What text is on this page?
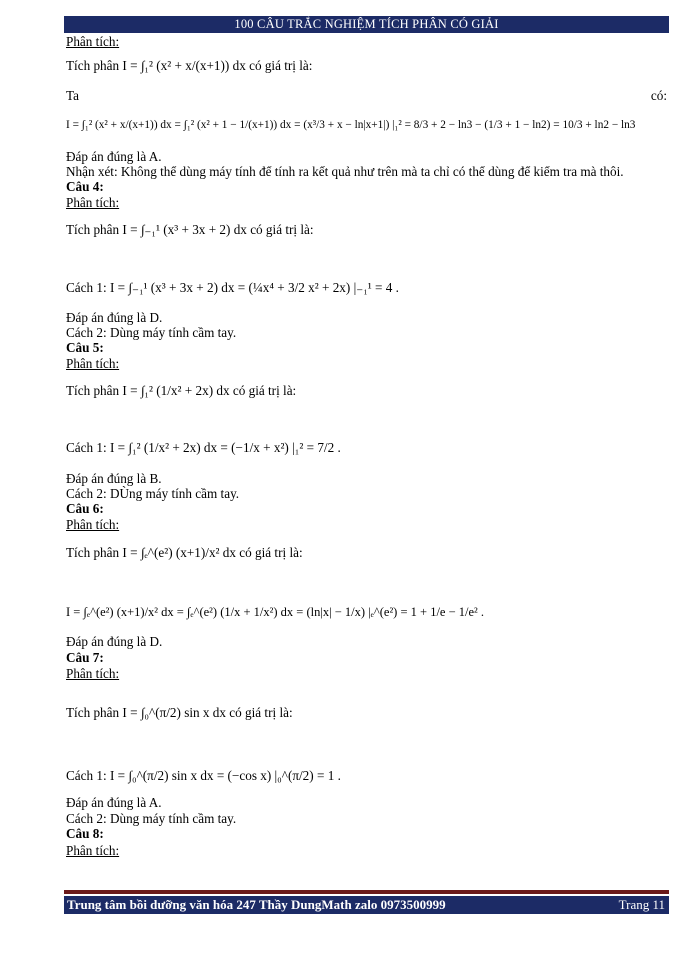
100 CÂU TRẮC NGHIỆM TÍCH PHÂN CÓ GIẢI
Phân tích:
Tích phân I = ∫₁² (x² + x/(x+1)) dx có giá trị là:
Ta	có:
I = ∫₁² (x² + x/(x+1)) dx = ∫₁² (x² + 1 − 1/(x+1)) dx = (x³/3 + x − ln|x+1|) |₁² = 8/3 + 2 − ln3 − (1/3 + 1 − ln2) = 10/3 + ln2 − ln3
Đáp án đúng là A.
Nhận xét: Không thể dùng máy tính để tính ra kết quả như trên mà ta chỉ có thể dùng để kiểm tra mà thôi.
Câu 4:
Phân tích:
Tích phân I = ∫₋₁¹ (x³ + 3x + 2) dx có giá trị là:
Cách 1: I = ∫₋₁¹ (x³ + 3x + 2) dx = (¼x⁴ + 3/2 x² + 2x) |₋₁¹ = 4 .
Đáp án đúng là D.
Cách 2: Dùng máy tính cầm tay.
Câu 5:
Phân tích:
Tích phân I = ∫₁² (1/x² + 2x) dx có giá trị là:
Cách 1: I = ∫₁² (1/x² + 2x) dx = (−1/x + x²) |₁² = 7/2 .
Đáp án đúng là B.
Cách 2: DÙng máy tính cầm tay.
Câu 6:
Phân tích:
Tích phân I = ∫ₑ^(e²) (x+1)/x² dx có giá trị là:
I = ∫ₑ^(e²) (x+1)/x² dx = ∫ₑ^(e²) (1/x + 1/x²) dx = (ln|x| − 1/x) |ₑ^(e²) = 1 + 1/e − 1/e² .
Đáp án đúng là D.
Câu 7:
Phân tích:
Tích phân I = ∫₀^(π/2) sin x dx có giá trị là:
Cách 1: I = ∫₀^(π/2) sin x dx = (−cos x) |₀^(π/2) = 1 .
Đáp án đúng là A.
Cách 2: Dùng máy tính cầm tay.
Câu 8:
Phân tích:
Trung tâm bồi dưỡng văn hóa 247 Thầy DungMath zalo 0973500999	Trang 11
